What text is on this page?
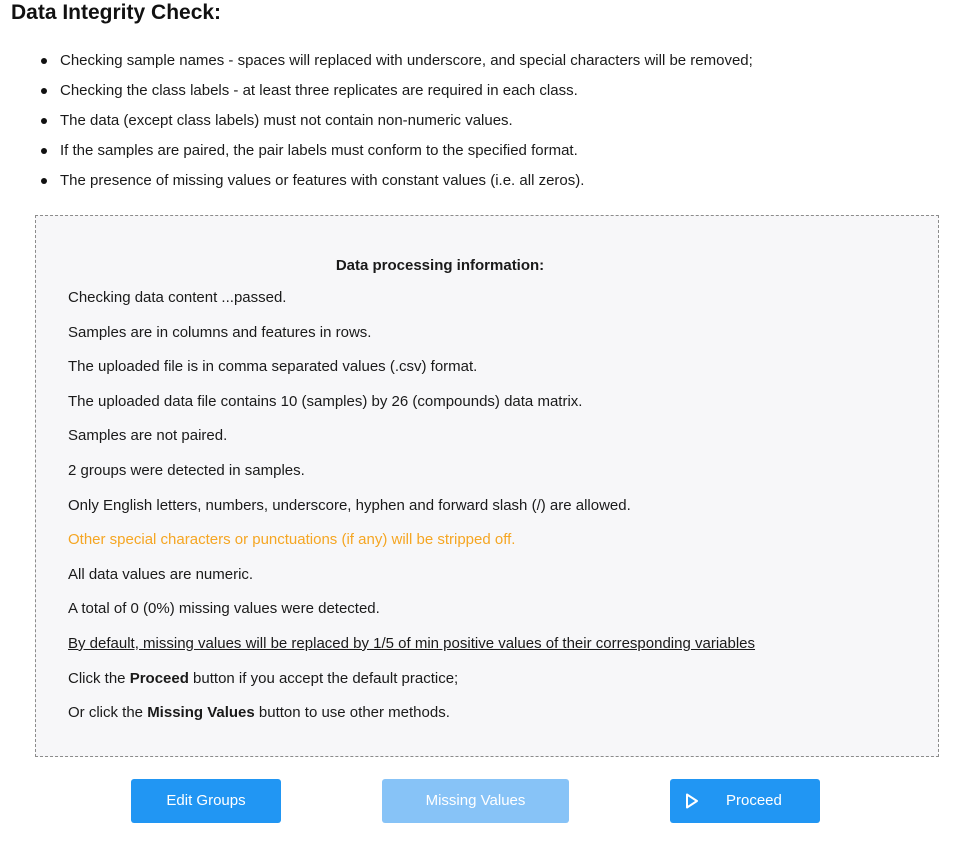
Data Integrity Check:
Checking sample names - spaces will replaced with underscore, and special characters will be removed;
Checking the class labels - at least three replicates are required in each class.
The data (except class labels) must not contain non-numeric values.
If the samples are paired, the pair labels must conform to the specified format.
The presence of missing values or features with constant values (i.e. all zeros).
Data processing information:
Checking data content ...passed.
Samples are in columns and features in rows.
The uploaded file is in comma separated values (.csv) format.
The uploaded data file contains 10 (samples) by 26 (compounds) data matrix.
Samples are not paired.
2 groups were detected in samples.
Only English letters, numbers, underscore, hyphen and forward slash (/) are allowed.
Other special characters or punctuations (if any) will be stripped off.
All data values are numeric.
A total of 0 (0%) missing values were detected.
By default, missing values will be replaced by 1/5 of min positive values of their corresponding variables
Click the Proceed button if you accept the default practice;
Or click the Missing Values button to use other methods.
Edit Groups	Missing Values	Proceed
